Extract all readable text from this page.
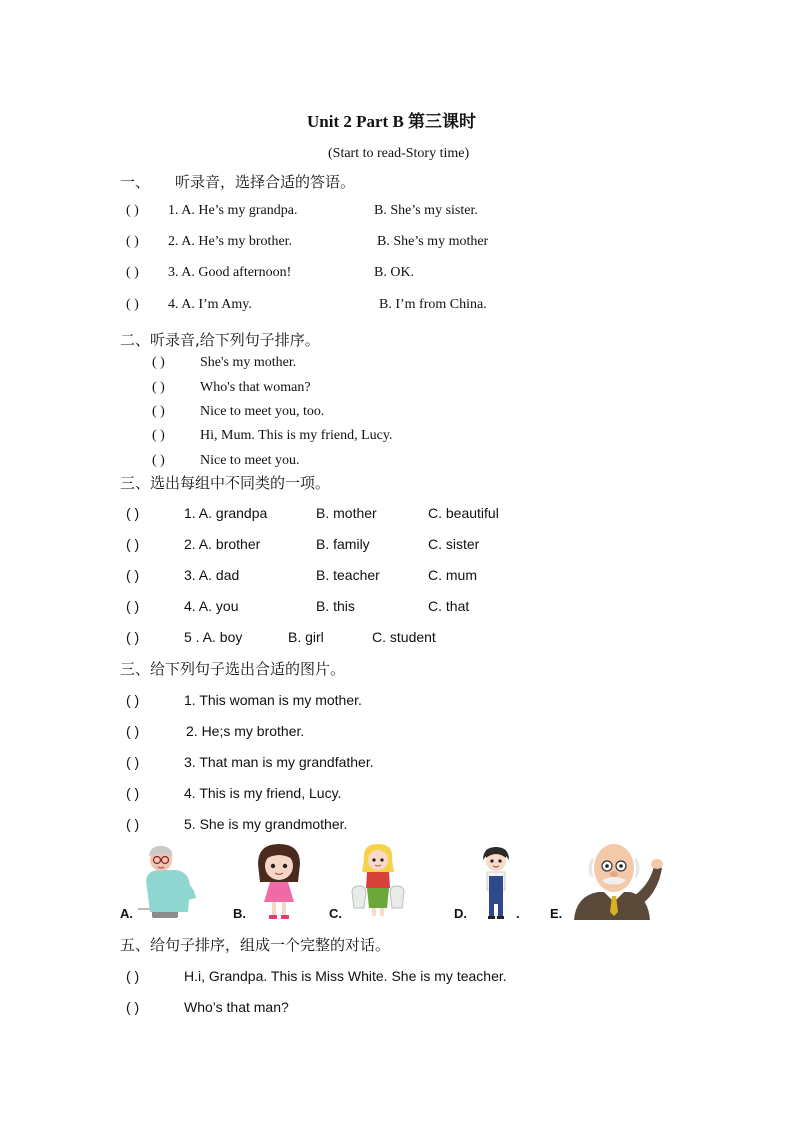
Unit 2 Part B 第三课时
(Start to read-Story time)
一、 听录音，选择合适的答语。
( ) 1. A. He’s my grandpa.	B. She’s my sister.
( ) 2. A. He’s my brother.	B. She’s my mother
( ) 3. A. Good afternoon!	B. OK.
( ) 4. A. I’m Amy.	B. I’m from China.
二、听录音,给下列句子排序。
( )	She's my mother.
( )	Who's that woman?
( )	Nice to meet you, too.
( )	Hi, Mum. This is my friend, Lucy.
( )	Nice to meet you.
三、选出每组中不同类的一项。
( )	1. A. grandpa	B. mother	C. beautiful
( )	2. A. brother	B. family	C. sister
( )	3. A. dad	B. teacher	C. mum
( )	4. A. you	B. this	C. that
( )	5 . A. boy	B. girl	C. student
三、给下列句子选出合适的图片。
( )	1. This woman is my mother.
( )	2. He;s my brother.
( )	3. That man is my grandfather.
( )	4. This is my friend, Lucy.
( )	5. She is my grandmother.
A.	B.	C.	D.	. E.
五、给句子排序，组成一个完整的对话。
( )	H.i, Grandpa. This is Miss White. She is my teacher.
( )	Who’s that man?
